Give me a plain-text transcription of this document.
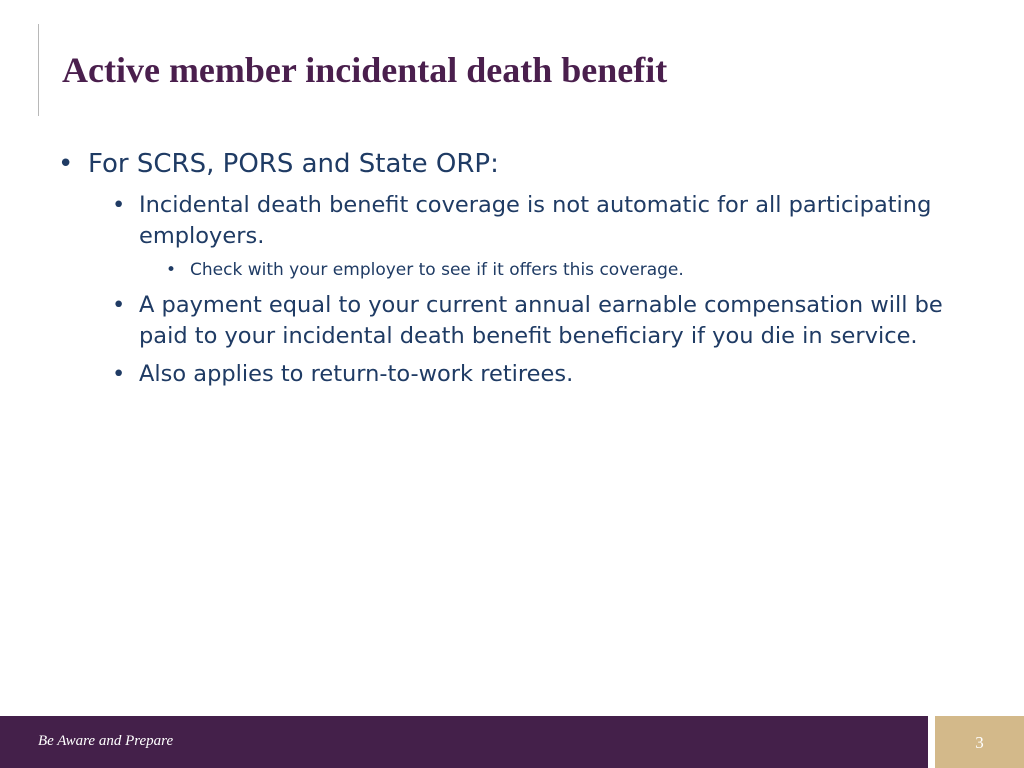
Active member incidental death benefit
• For SCRS, PORS and State ORP:
• Incidental death benefit coverage is not automatic for all participating employers.
• Check with your employer to see if it offers this coverage.
• A payment equal to your current annual earnable compensation will be paid to your incidental death benefit beneficiary if you die in service.
• Also applies to return-to-work retirees.

Be Aware and Prepare	3
